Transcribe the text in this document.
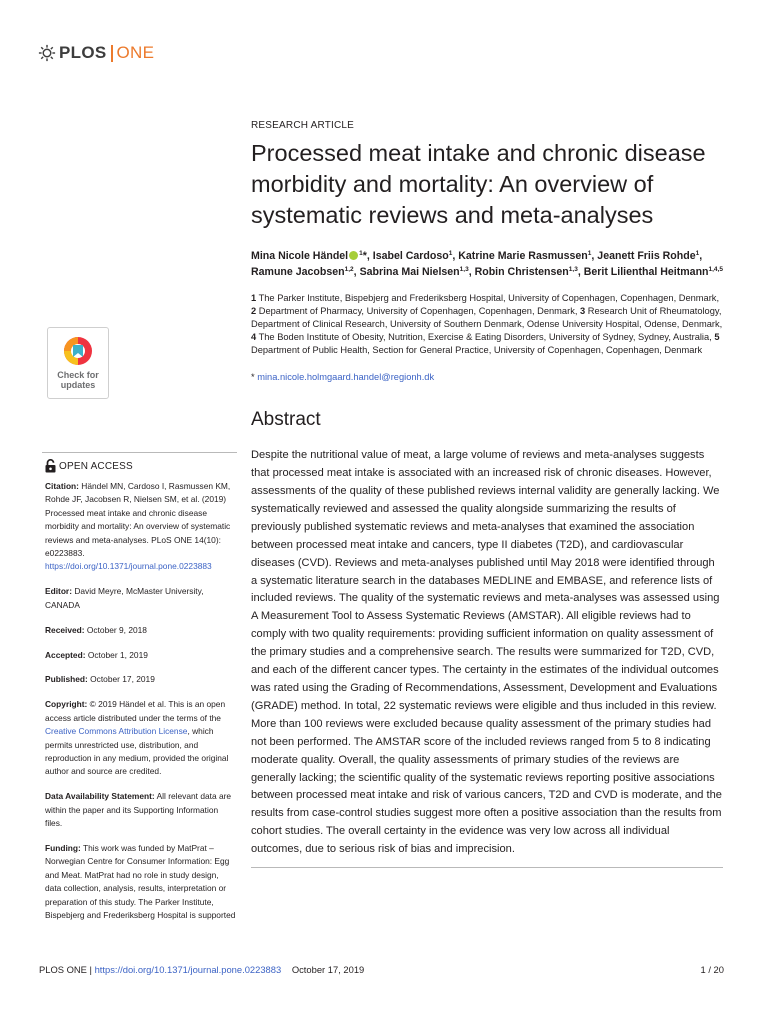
PLOS ONE
Check for
updates
RESEARCH ARTICLE
Processed meat intake and chronic disease morbidity and mortality: An overview of systematic reviews and meta-analyses
Mina Nicole Händel $^1$*, Isabel Cardoso$^1$, Katrine Marie Rasmussen$^1$, Jeanett Friis Rohde$^1$, Ramune Jacobsen$^{1,2}$, Sabrina Mai Nielsen$^{1,3}$, Robin Christensen$^{1,3}$, Berit Lilienthal Heitmann$^{1,4,5}$
1 The Parker Institute, Bispebjerg and Frederiksberg Hospital, University of Copenhagen, Copenhagen, Denmark, 2 Department of Pharmacy, University of Copenhagen, Copenhagen, Denmark, 3 Research Unit of Rheumatology, Department of Clinical Research, University of Southern Denmark, Odense University Hospital, Odense, Denmark, 4 The Boden Institute of Obesity, Nutrition, Exercise & Eating Disorders, University of Sydney, Sydney, Australia, 5 Department of Public Health, Section for General Practice, University of Copenhagen, Copenhagen, Denmark
* mina.nicole.holmgaard.handel@regionh.dk
Abstract
Despite the nutritional value of meat, a large volume of reviews and meta-analyses suggests that processed meat intake is associated with an increased risk of chronic diseases. However, assessments of the quality of these published reviews internal validity are generally lacking. We systematically reviewed and assessed the quality alongside summarizing the results of previously published systematic reviews and meta-analyses that examined the association between processed meat intake and cancers, type II diabetes (T2D), and cardiovascular diseases (CVD). Reviews and meta-analyses published until May 2018 were identified through a systematic literature search in the databases MEDLINE and EMBASE, and reference lists of included reviews. The quality of the systematic reviews and meta-analyses was assessed using A Measurement Tool to Assess Systematic Reviews (AMSTAR). All eligible reviews had to comply with two quality requirements: providing sufficient information on quality assessment of the primary studies and a comprehensive search. The results were summarized for T2D, CVD, and each of the different cancer types. The certainty in the estimates of the individual outcomes was rated using the Grading of Recommendations, Assessment, Development and Evaluations (GRADE) method. In total, 22 systematic reviews were eligible and thus included in this review. More than 100 reviews were excluded because quality assessment of the primary studies had not been performed. The AMSTAR score of the included reviews ranged from 5 to 8 indicating moderate quality. Overall, the quality assessments of primary studies of the reviews are generally lacking; the scientific quality of the systematic reviews reporting positive associations between processed meat intake and risk of various cancers, T2D and CVD is moderate, and the results from case-control studies suggest more often a positive association than the results from cohort studies. The overall certainty in the evidence was very low across all individual outcomes, due to serious risk of bias and imprecision.
OPEN ACCESS

Citation: Händel MN, Cardoso I, Rasmussen KM, Rohde JF, Jacobsen R, Nielsen SM, et al. (2019) Processed meat intake and chronic disease morbidity and mortality: An overview of systematic reviews and meta-analyses. PLoS ONE 14(10): e0223883. https://doi.org/10.1371/journal.pone.0223883

Editor: David Meyre, McMaster University, CANADA

Received: October 9, 2018

Accepted: October 1, 2019

Published: October 17, 2019

Copyright: © 2019 Händel et al. This is an open access article distributed under the terms of the Creative Commons Attribution License, which permits unrestricted use, distribution, and reproduction in any medium, provided the original author and source are credited.

Data Availability Statement: All relevant data are within the paper and its Supporting Information files.

Funding: This work was funded by MatPrat – Norwegian Centre for Consumer Information: Egg and Meat. MatPrat had no role in study design, data collection, analysis, results, interpretation or preparation of this study. The Parker Institute, Bispebjerg and Frederiksberg Hospital is supported

PLOS ONE | https://doi.org/10.1371/journal.pone.0223883 October 17, 2019	1 / 20
